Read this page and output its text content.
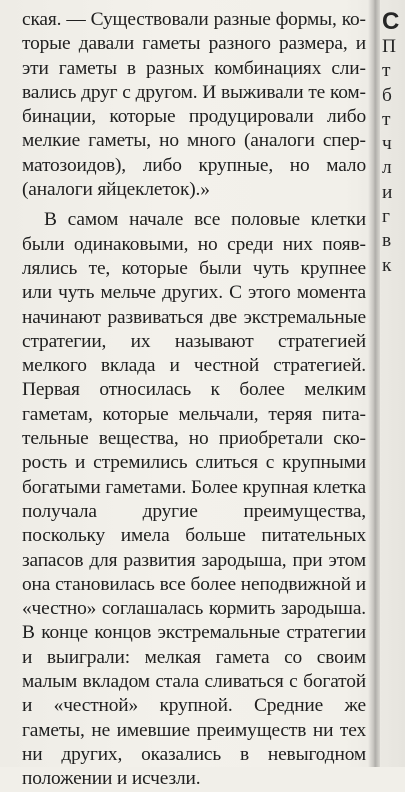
ская. — Существовали разные формы, которые давали гаметы разного размера, и эти гаметы в разных комбинациях сливались друг с другом. И выживали те комбинации, которые продуцировали либо мелкие гаметы, но много (аналоги сперматозоидов), либо крупные, но мало (аналоги яйцеклеток).»

В самом начале все половые клетки были одинаковыми, но среди них появлялись те, которые были чуть крупнее или чуть мельче других. С этого момента начинают развиваться две экстремальные стратегии, их называют стратегией мелкого вклада и честной стратегией. Первая относилась к более мелким гаметам, которые мельчали, теряя питательные вещества, но приобретали скорость и стремились слиться с крупными богатыми гаметами. Более крупная клетка получала другие преимущества, поскольку имела больше питательных запасов для развития зародыша, при этом она становилась все более неподвижной и «честно» соглашалась кормить зародыша. В конце концов экстремальные стратегии и выиграли: мелкая гамета со своим малым вкладом стала сливаться с богатой и «честной» крупной. Средние же гаметы, не имевшие преимуществ ни тех ни других, оказались в невыгодном положении и исчезли.

С
П
т
б
т
ч
л
и
г
в
к
